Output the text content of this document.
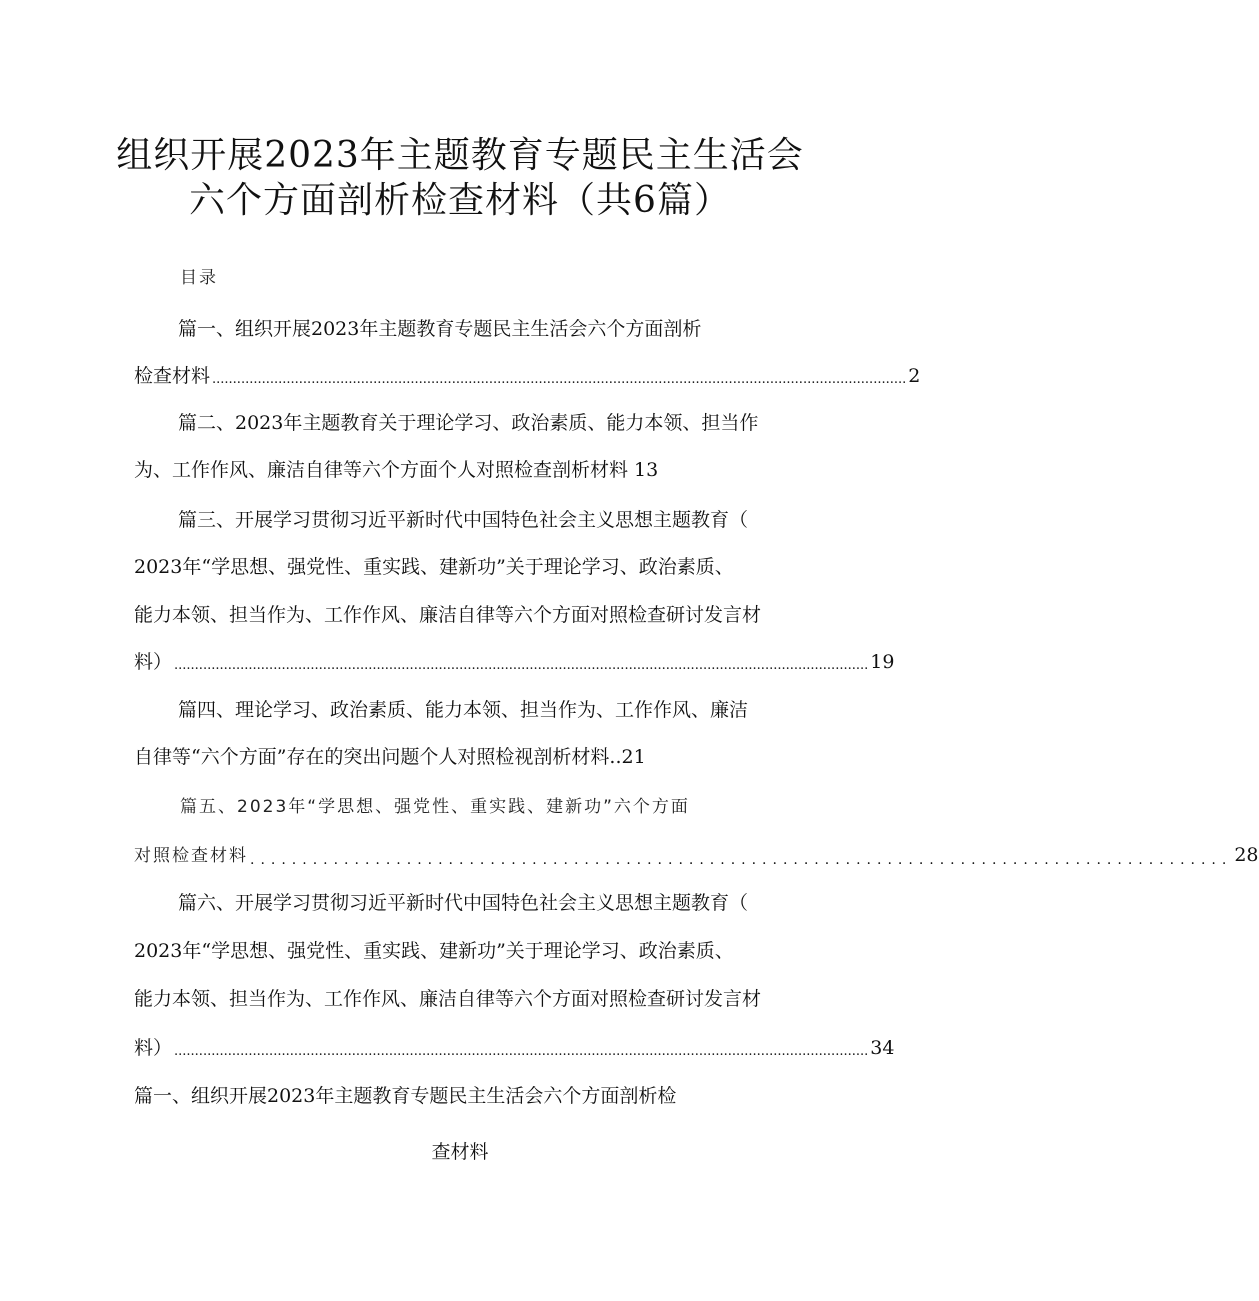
组织开展2023年主题教育专题民主生活会
六个方面剖析检查材料（共6篇）
目录
篇一、组织开展2023年主题教育专题民主生活会六个方面剖析
检查材料 ........................................................................................................................................................................ 2
篇二、2023年主题教育关于理论学习、政治素质、能力本领、担当作
为、工作作风、廉洁自律等六个方面个人对照检查剖析材料 13
篇三、开展学习贯彻习近平新时代中国特色社会主义思想主题教育（
2023年“学思想、强党性、重实践、建新功”关于理论学习、政治素质、
能力本领、担当作为、工作作风、廉洁自律等六个方面对照检查研讨发言材
料） ........................................................................................................................................................................ 19
篇四、理论学习、政治素质、能力本领、担当作为、工作作风、廉洁
自律等“六个方面”存在的突出问题个人对照检视剖析材料..21
篇五、2023年“学思想、强党性、重实践、建新功”六个方面
对照检查材料 .............................................................................................. 28
篇六、开展学习贯彻习近平新时代中国特色社会主义思想主题教育（
2023年“学思想、强党性、重实践、建新功”关于理论学习、政治素质、
能力本领、担当作为、工作作风、廉洁自律等六个方面对照检查研讨发言材
料） ........................................................................................................................................................................ 34
篇一、组织开展2023年主题教育专题民主生活会六个方面剖析检
查材料
